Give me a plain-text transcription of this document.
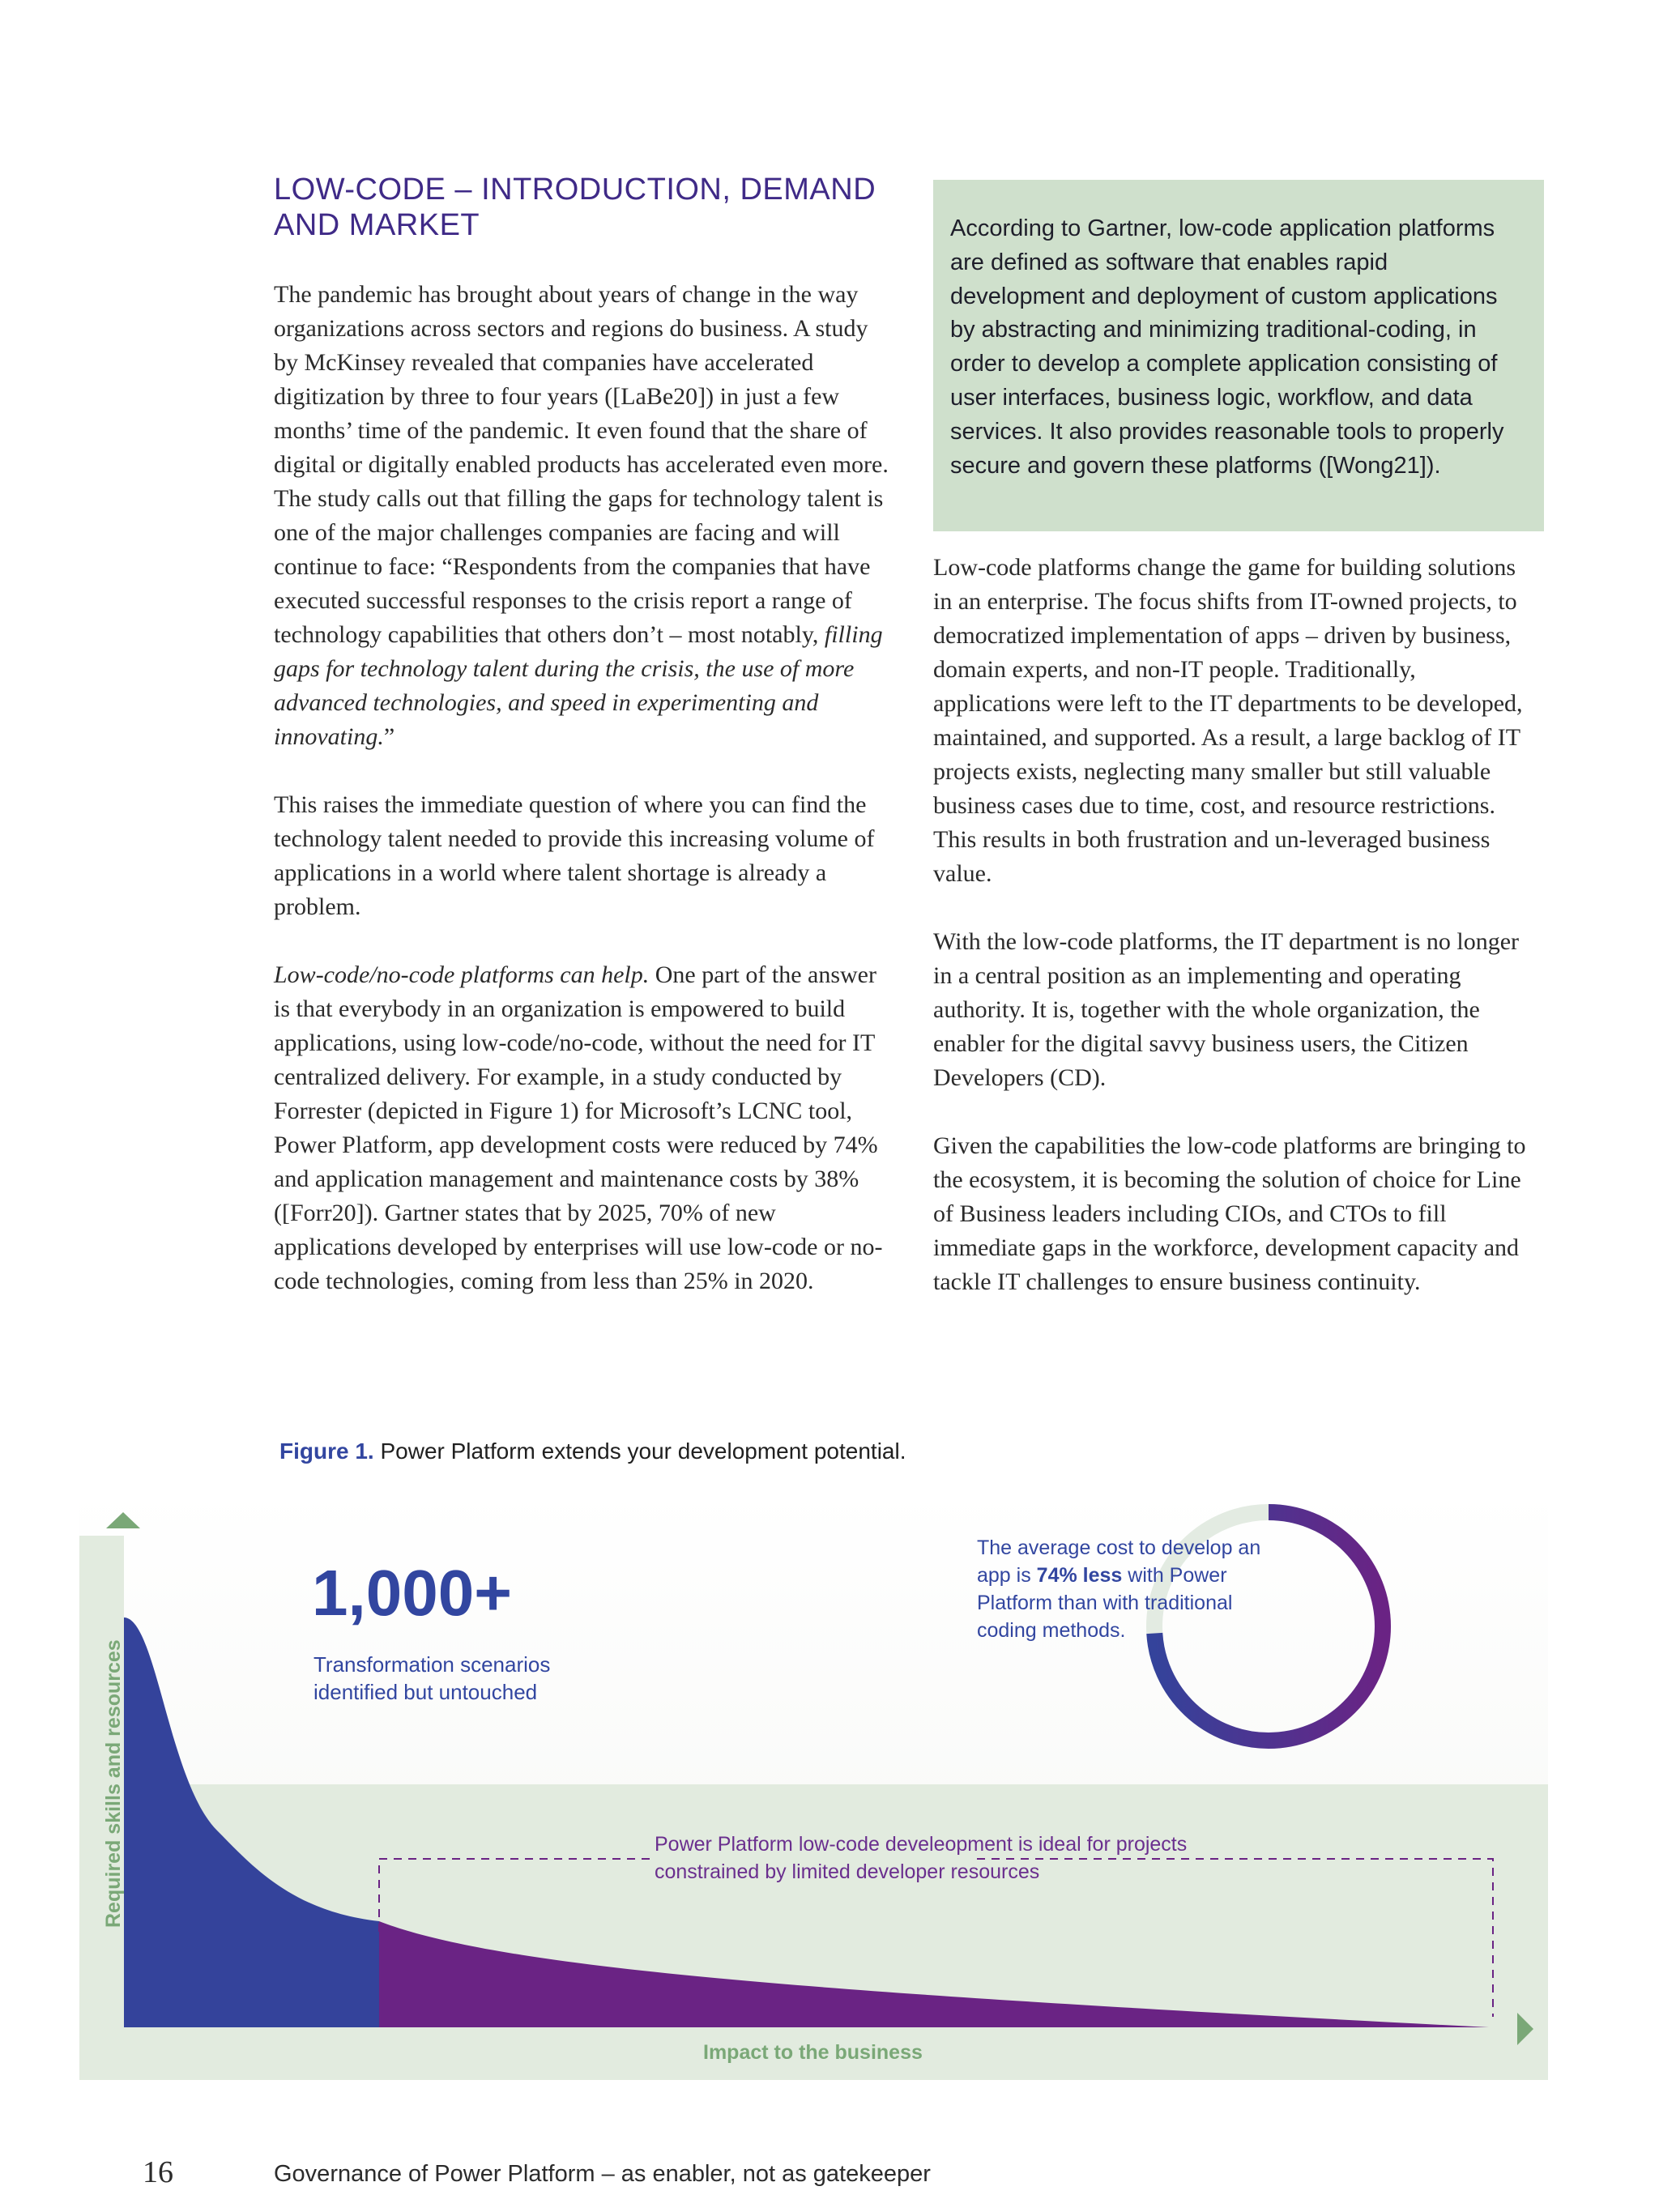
LOW-CODE – INTRODUCTION, DEMAND
AND MARKET

The pandemic has brought about years of change in the way organizations across sectors and regions do business. A study by McKinsey revealed that companies have accelerated digitization by three to four years ([LaBe20]) in just a few months’ time of the pandemic. It even found that the share of digital or digitally enabled products has accelerated even more. The study calls out that filling the gaps for technology talent is one of the major challenges companies are facing and will continue to face: “Respondents from the companies that have executed successful responses to the crisis report a range of technology capabilities that others don’t – most notably, filling gaps for technology talent during the crisis, the use of more advanced technologies, and speed in experimenting and innovating.”

This raises the immediate question of where you can find the technology talent needed to provide this increasing volume of applications in a world where talent shortage is already a problem.

Low-code/no-code platforms can help. One part of the answer is that everybody in an organization is empowered to build applications, using low-code/no-code, without the need for IT centralized delivery. For example, in a study conducted by Forrester (depicted in Figure 1) for Microsoft’s LCNC tool, Power Platform, app development costs were reduced by 74% and application management and maintenance costs by 38% ([Forr20]). Gartner states that by 2025, 70% of new applications developed by enterprises will use low-code or no-code technologies, coming from less than 25% in 2020.

According to Gartner, low-code application platforms are defined as software that enables rapid development and deployment of custom applications by abstracting and minimizing traditional-coding, in order to develop a complete application consisting of user interfaces, business logic, workflow, and data services. It also provides reasonable tools to properly secure and govern these platforms ([Wong21]).

Low-code platforms change the game for building solutions in an enterprise. The focus shifts from IT-owned projects, to democratized implementation of apps – driven by business, domain experts, and non-IT people. Traditionally, applications were left to the IT departments to be developed, maintained, and supported. As a result, a large backlog of IT projects exists, neglecting many smaller but still valuable business cases due to time, cost, and resource restrictions. This results in both frustration and un-leveraged business value.

With the low-code platforms, the IT department is no longer in a central position as an implementing and operating authority. It is, together with the whole organization, the enabler for the digital savvy business users, the Citizen Developers (CD).

Given the capabilities the low-code platforms are bringing to the ecosystem, it is becoming the solution of choice for Line of Business leaders including CIOs, and CTOs to fill immediate gaps in the workforce, development capacity and tackle IT challenges to ensure business continuity.

Figure 1. Power Platform extends your development potential.
1,000+
Transformation scenarios identified but untouched
The average cost to develop an app is 74% less with Power Platform than with traditional coding methods.
Power Platform low-code develeopment is ideal for projects
constrained by limited developer resources
Impact to the business
Required skills and resources
16	Governance of Power Platform – as enabler, not as gatekeeper
